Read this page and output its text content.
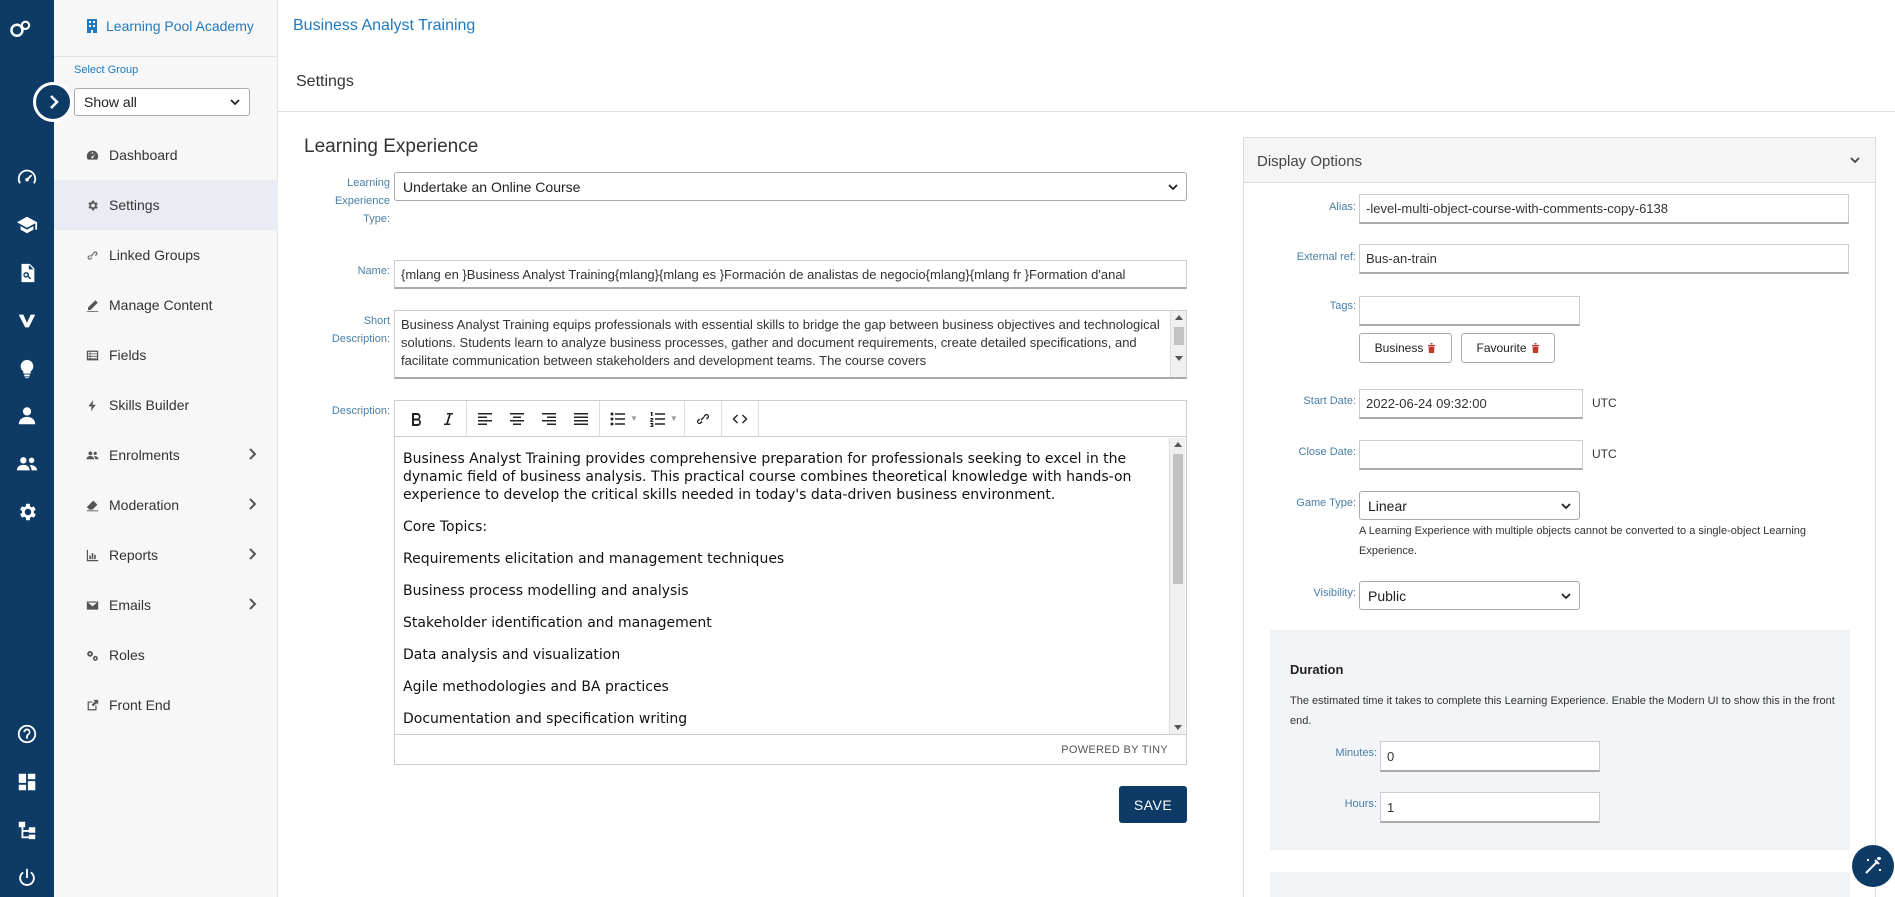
Learning Pool Academy
Select Group
Show all
Dashboard
Settings
Linked Groups
Manage Content
Fields
Skills Builder
Enrolments
Moderation
Reports
Emails
Roles
Front End
Business Analyst Training
Settings
Learning Experience
Learning
Experience
Type:
Undertake an Online Course
Name: {mlang en }Business Analyst Training{mlang}{mlang es }Formación de analistas de negocio{mlang}{mlang fr }Formation d'anal
Short
Description:
Business Analyst Training equips professionals with essential skills to bridge the gap between business objectives and technological solutions. Students learn to analyze business processes, gather and document requirements, create detailed specifications, and facilitate communication between stakeholders and development teams. The course covers
Description:
▼	▼

Business Analyst Training provides comprehensive preparation for professionals seeking to excel in the dynamic field of business analysis. This practical course combines theoretical knowledge with hands-on experience to develop the critical skills needed in today's data-driven business environment.

Core Topics:

Requirements elicitation and management techniques

Business process modelling and analysis

Stakeholder identification and management

Data analysis and visualization

Agile methodologies and BA practices

Documentation and specification writing

POWERED BY TINY
SAVE
Display Options
Alias: -level-multi-object-course-with-comments-copy-6138
External ref: Bus-an-train
Tags:
Business	Favourite
Start Date: 2022-06-24 09:32:00	UTC
Close Date:	UTC
Game Type: Linear
A Learning Experience with multiple objects cannot be converted to a single-object Learning Experience.
Visibility: Public
Duration
The estimated time it takes to complete this Learning Experience. Enable the Modern UI to show this in the front end.
Minutes: 0
Hours: 1
